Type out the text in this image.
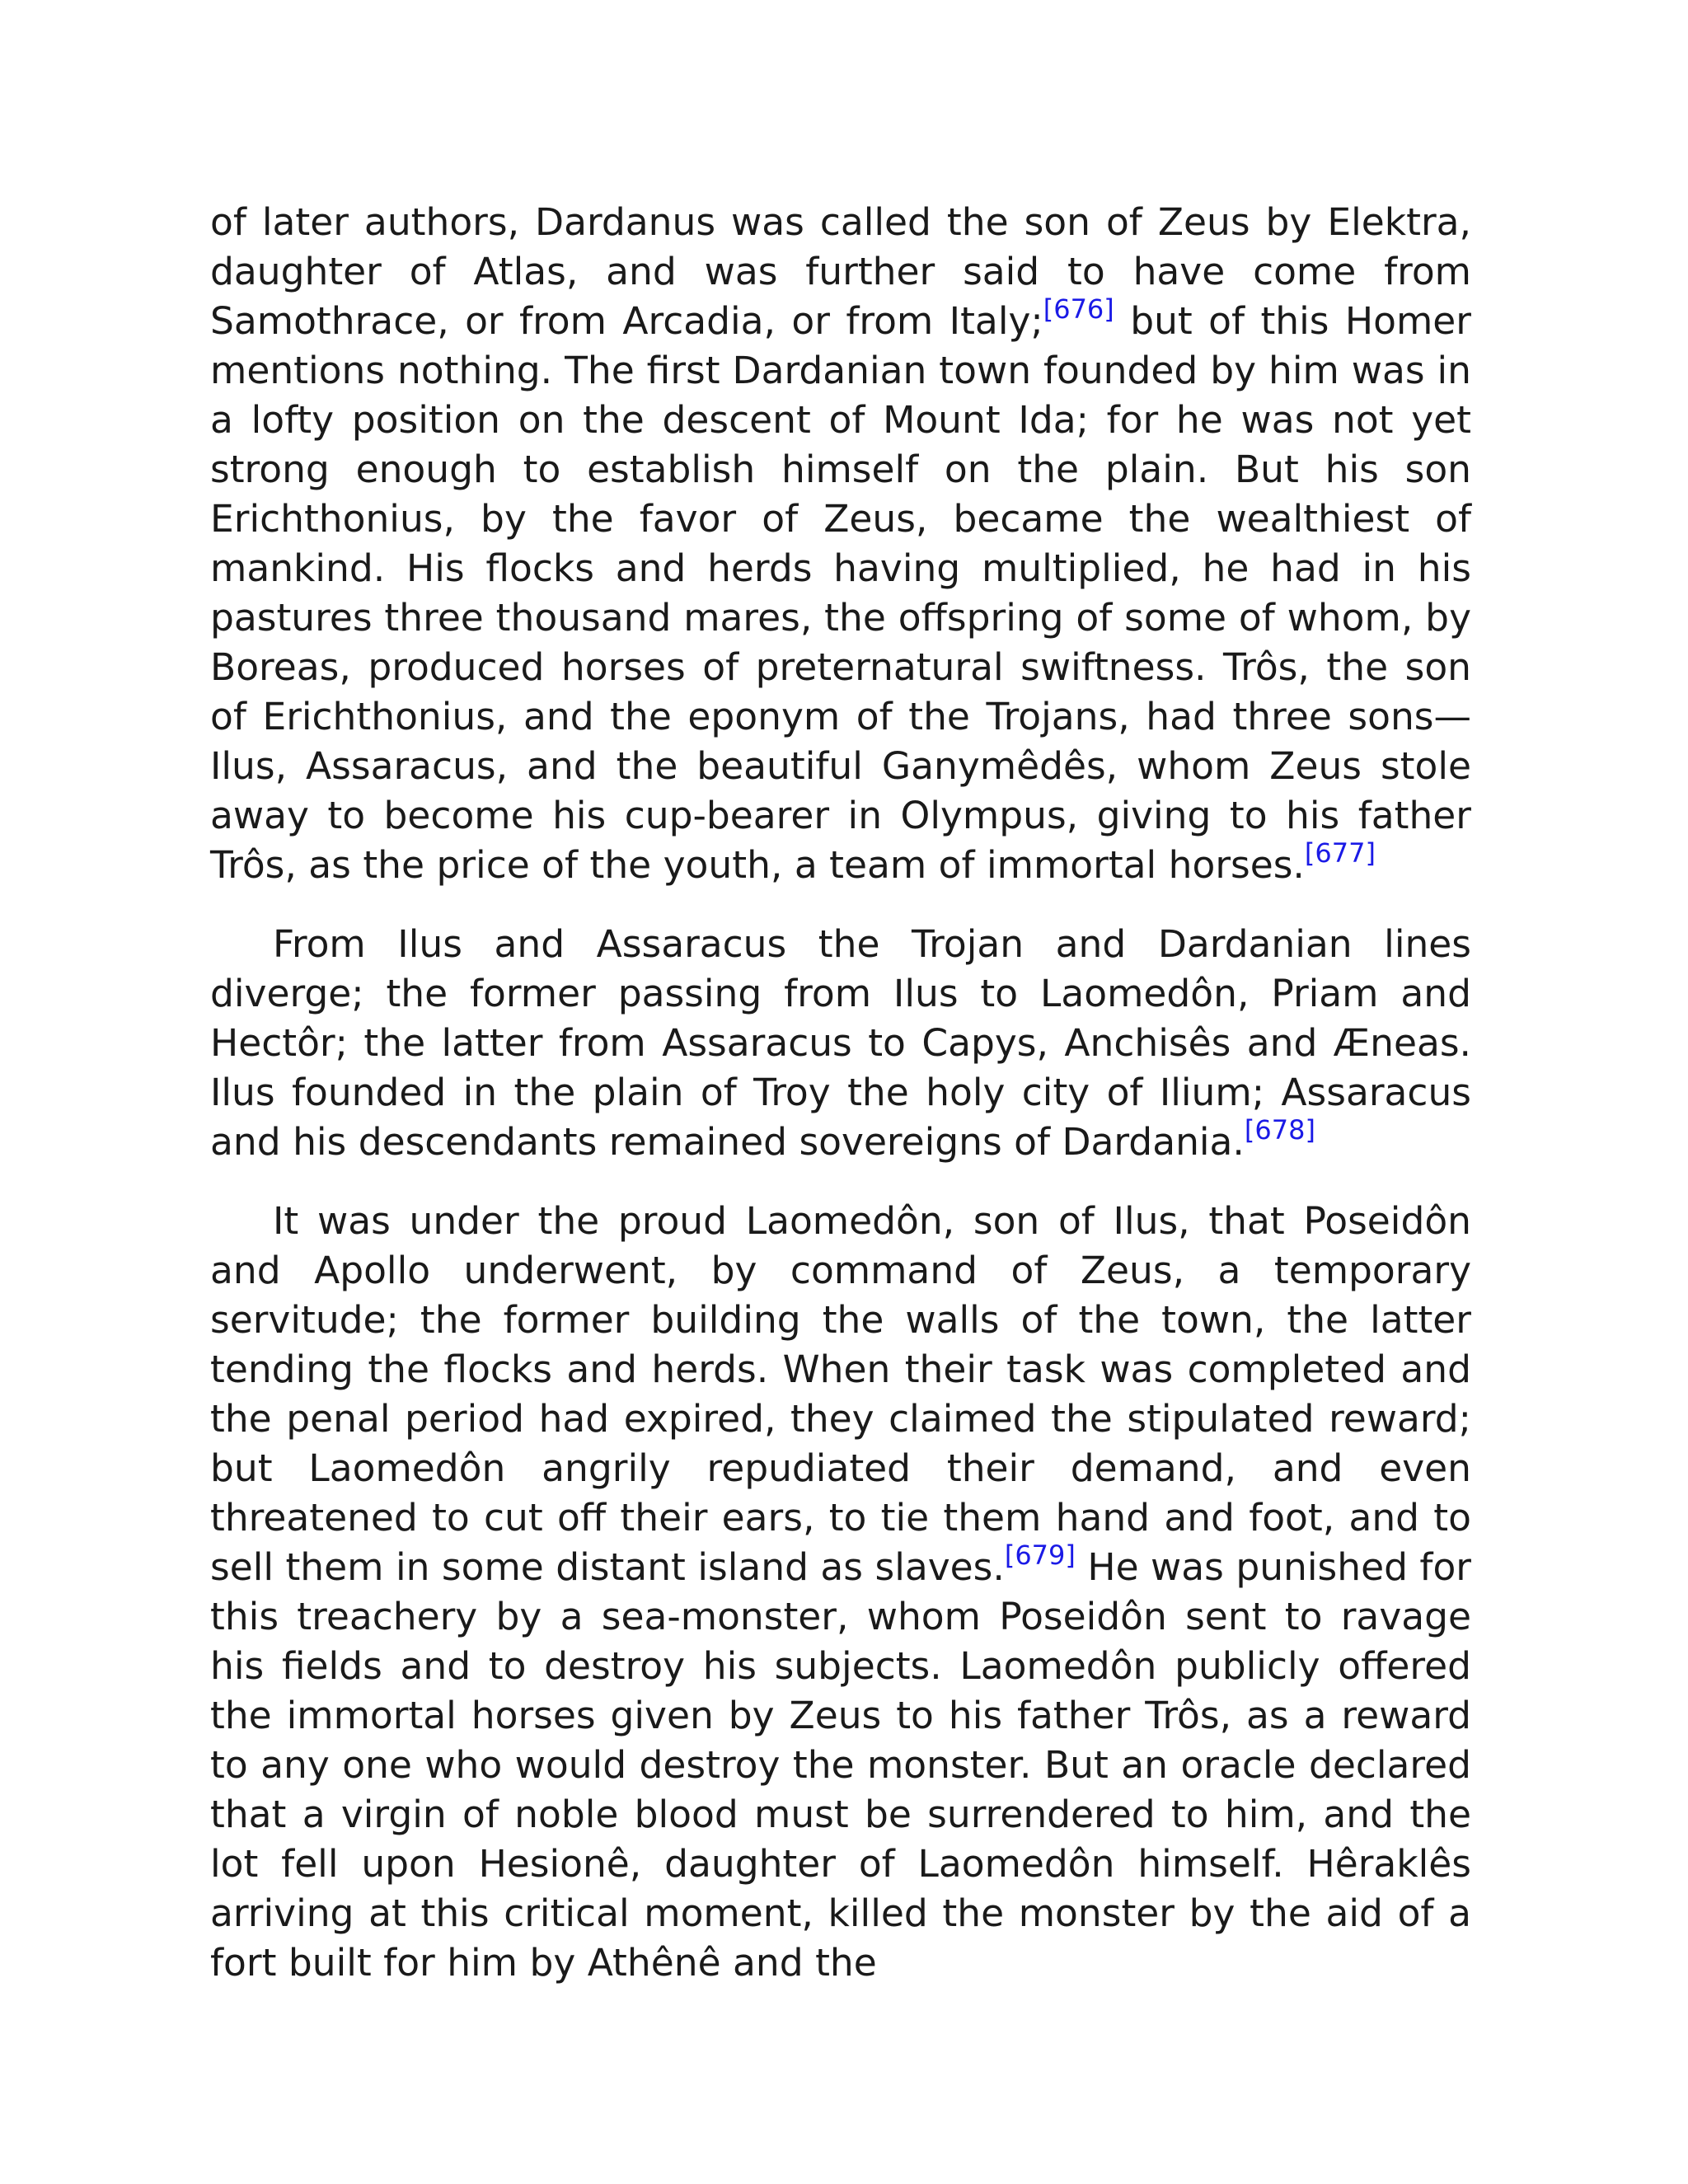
of later authors, Dardanus was called the son of Zeus by Elektra, daughter of Atlas, and was further said to have come from Samothrace, or from Arcadia, or from Italy;[676] but of this Homer mentions nothing. The first Dardanian town founded by him was in a lofty position on the descent of Mount Ida; for he was not yet strong enough to establish himself on the plain. But his son Erichthonius, by the favor of Zeus, became the wealthiest of mankind. His flocks and herds having multiplied, he had in his pastures three thousand mares, the offspring of some of whom, by Boreas, produced horses of preternatural swiftness. Trôs, the son of Erichthonius, and the eponym of the Trojans, had three sons—Ilus, Assaracus, and the beautiful Ganymêdês, whom Zeus stole away to become his cup-bearer in Olympus, giving to his father Trôs, as the price of the youth, a team of immortal horses.[677]

From Ilus and Assaracus the Trojan and Dardanian lines diverge; the former passing from Ilus to Laomedôn, Priam and Hectôr; the latter from Assaracus to Capys, Anchisês and Æneas. Ilus founded in the plain of Troy the holy city of Ilium; Assaracus and his descendants remained sovereigns of Dardania.[678]

It was under the proud Laomedôn, son of Ilus, that Poseidôn and Apollo underwent, by command of Zeus, a temporary servitude; the former building the walls of the town, the latter tending the flocks and herds. When their task was completed and the penal period had expired, they claimed the stipulated reward; but Laomedôn angrily repudiated their demand, and even threatened to cut off their ears, to tie them hand and foot, and to sell them in some distant island as slaves.[679] He was punished for this treachery by a sea-monster, whom Poseidôn sent to ravage his fields and to destroy his subjects. Laomedôn publicly offered the immortal horses given by Zeus to his father Trôs, as a reward to any one who would destroy the monster. But an oracle declared that a virgin of noble blood must be surrendered to him, and the lot fell upon Hesionê, daughter of Laomedôn himself. Hêraklês arriving at this critical moment, killed the monster by the aid of a fort built for him by Athênê and the
